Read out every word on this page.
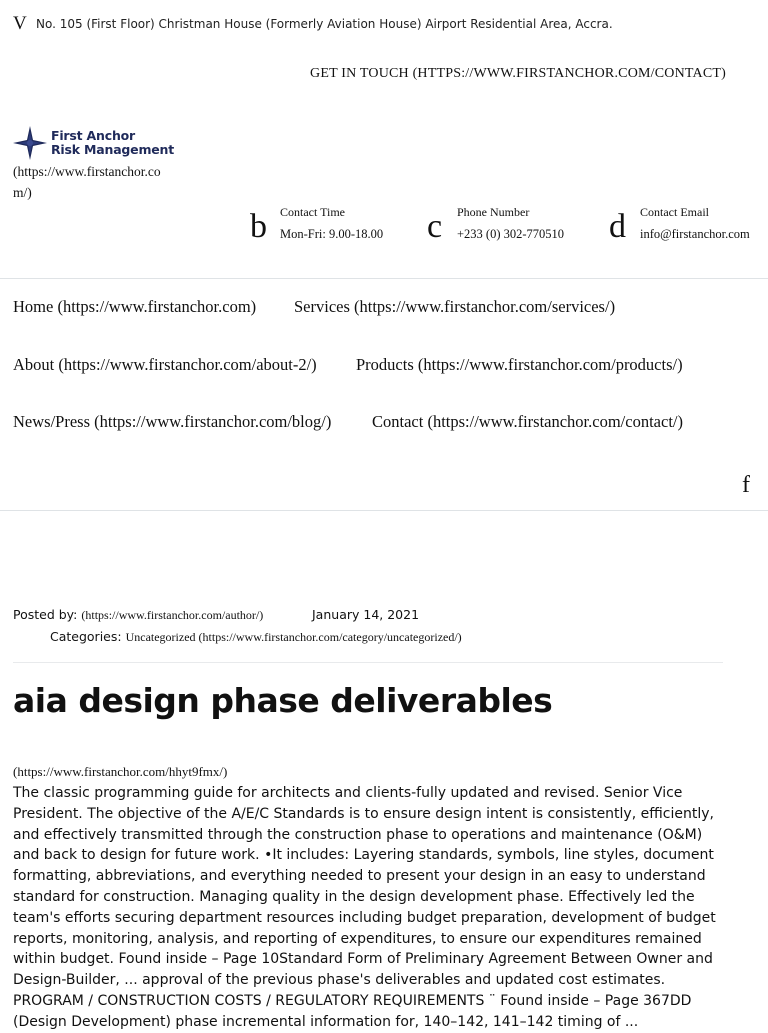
V No. 105 (First Floor) Christman House (Formerly Aviation House) Airport Residential Area, Accra.
GET IN TOUCH (HTTPS://WWW.FIRSTANCHOR.COM/CONTACT)
First Anchor
Risk Management
(https://www.firstanchor.com/)
b Contact Time
Mon-Fri: 9.00-18.00 c Phone Number
+233 (0) 302-770510 d Contact Email
info@firstanchor.com
Home (https://www.firstanchor.com) Services (https://www.firstanchor.com/services/)
About (https://www.firstanchor.com/about-2/) Products (https://www.firstanchor.com/products/)
News/Press (https://www.firstanchor.com/blog/) Contact (https://www.firstanchor.com/contact/)
f
Posted by: (https://www.firstanchor.com/author/)	January 14, 2021
Categories: Uncategorized (https://www.firstanchor.com/category/uncategorized/)
aia design phase deliverables
(https://www.firstanchor.com/hhyt9fmx/)

The classic programming guide for architects and clients-fully updated and revised. Senior Vice President. The objective of the A/E/C Standards is to ensure design intent is consistently, efficiently, and effectively transmitted through the construction phase to operations and maintenance (O&M) and back to design for future work. •It includes: Layering standards, symbols, line styles, document formatting, abbreviations, and everything needed to present your design in an easy to understand standard for construction. Managing quality in the design development phase. Effectively led the team's efforts securing department resources including budget preparation, development of budget reports, monitoring, analysis, and reporting of expenditures, to ensure our expenditures remained within budget. Found inside – Page 10Standard Form of Preliminary Agreement Between Owner and Design-Builder, ... approval of the previous phase's deliverables and updated cost estimates. PROGRAM / CONSTRUCTION COSTS / REGULATORY REQUIREMENTS ¨ Found inside – Page 367DD (Design Development) phase incremental information for, 140–142, 141–142 timing of ...
